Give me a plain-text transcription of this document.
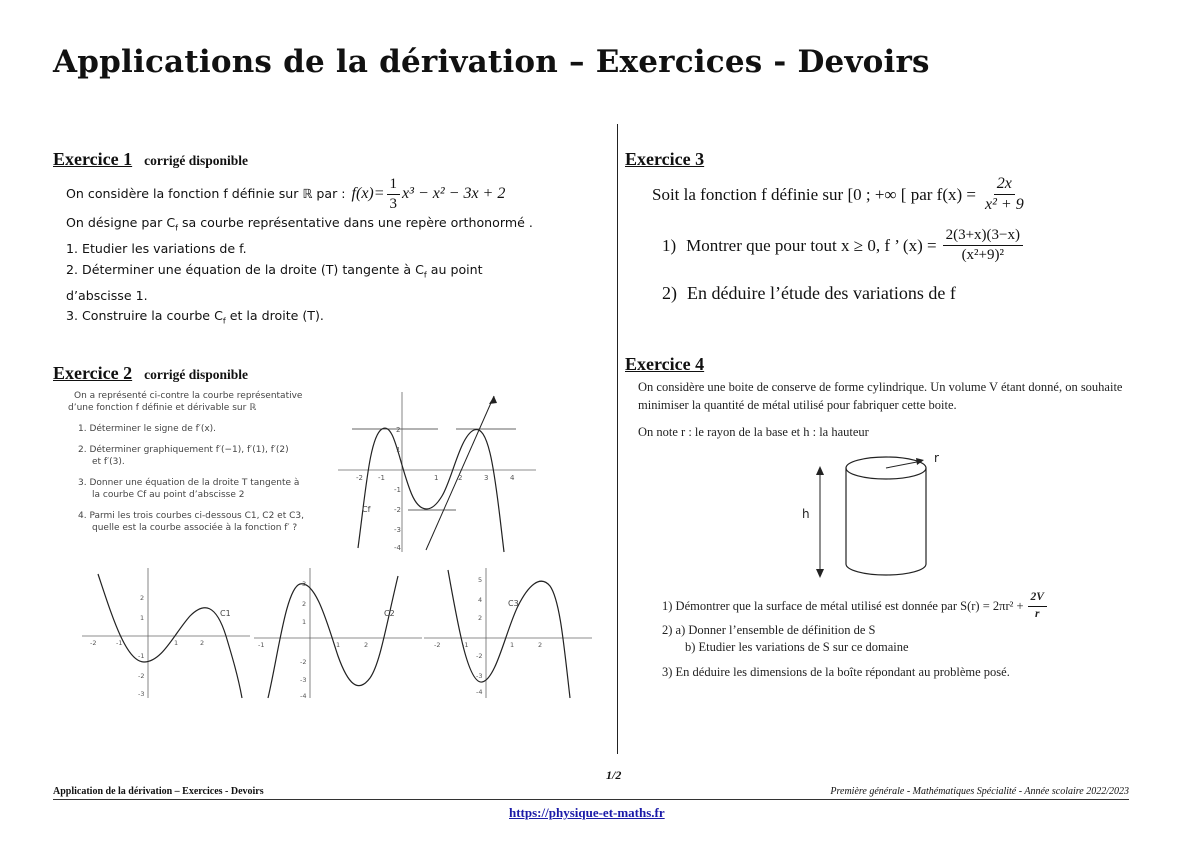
Applications de la dérivation – Exercices - Devoirs
Exercice 1 corrigé disponible
On considère la fonction f définie sur ℝ par : $f(x)= \frac{1}{3} x^3 - x^2 - 3x + 2$
On désigne par $C_f$ sa courbe représentative dans une repère orthonormé .
1. Etudier les variations de f.
2. Déterminer une équation de la droite (T) tangente à $C_f$ au point
d’abscisse 1.
3. Construire la courbe $C_f$ et la droite (T).
Exercice 2 corrigé disponible
On a représenté ci-contre la courbe représentative
d’une fonction f définie et dérivable sur ℝ
1. Déterminer le signe de f′(x).
2. Déterminer graphiquement f′(−1), f′(1), f′(2)
et f′(3).
3. Donner une équation de la droite T tangente à
la courbe Cf au point d’abscisse 2
4. Parmi les trois courbes ci-dessous C1, C2 et C3,
quelle est la courbe associée à la fonction f′ ?
Cf
-2 -1	1	2	3	4
2
1
-1
-2
-3
-4
C1
-2	-1	1	2
2
1
-1
-2
-3
C2
-1	1	2
3
2
1
-2
-3
-4
C3
-2	-1	1	2
5
4
2
-2
-3
-4
Exercice 3
Soit la fonction f définie sur [0 ; +∞ [ par $f(x) = \frac{2x}{\text{x² + 9}}$
1) Montrer que pour tout x ≥ 0, f ’ $(x) = \frac{2(3+x)(3-x)}{\text{(x²+9)²}}$
2) En déduire l’étude des variations de f
Exercice 4
On considère une boite de conserve de forme cylindrique. Un volume V étant donné, on souhaite
minimiser la quantité de métal utilisé pour fabriquer cette boite.
On note r : le rayon de la base et h : la hauteur
h
r
1) Démontrer que la surface de métal utilisé est donnée par $S(r) = 2\pi r^2 + \frac{2V}{r}$
2) a) Donner l’ensemble de définition de S
b) Etudier les variations de S sur ce domaine
3) En déduire les dimensions de la boîte répondant au problème posé.
1/2
Application de la dérivation – Exercices - Devoirs	Première générale - Mathématiques Spécialité - Année scolaire 2022/2023
https://physique-et-maths.fr
